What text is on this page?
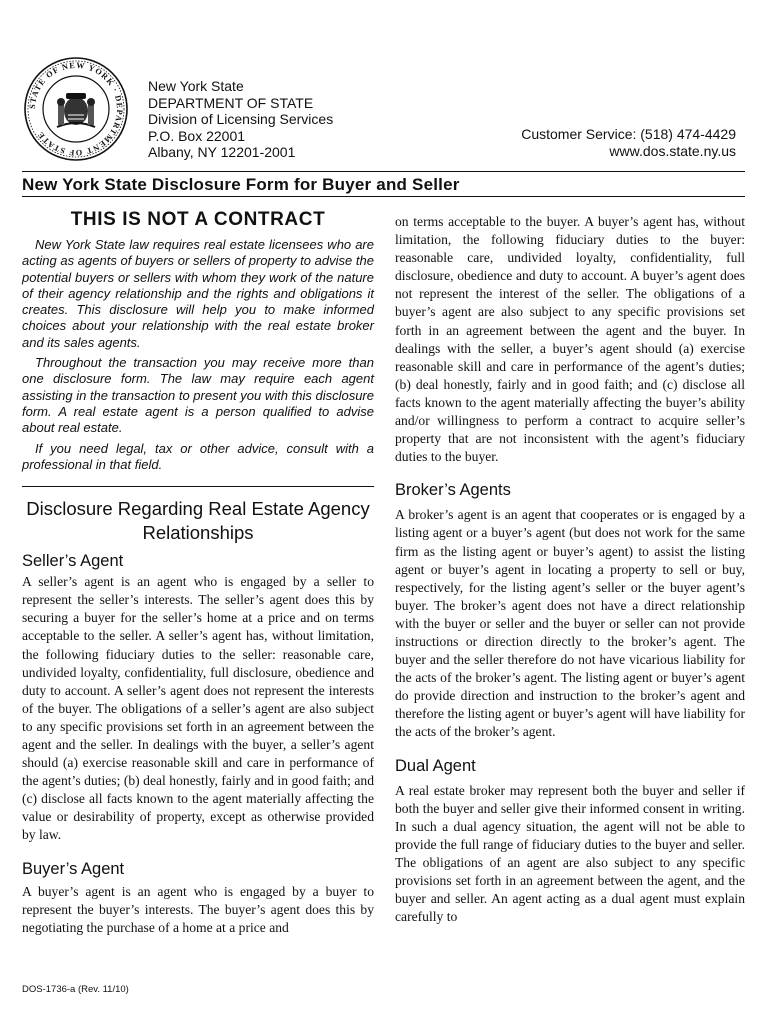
STATE OF NEW YORK · DEPARTMENT OF STATE
New York State
DEPARTMENT OF STATE
Division of Licensing Services
P.O. Box 22001
Albany, NY 12201-2001
Customer Service: (518) 474-4429
www.dos.state.ny.us
New York State Disclosure Form for Buyer and Seller
THIS IS NOT A CONTRACT

New York State law requires real estate licensees who are acting as agents of buyers or sellers of property to advise the potential buyers or sellers with whom they work of the nature of their agency relationship and the rights and obligations it creates. This disclosure will help you to make informed choices about your relationship with the real estate broker and its sales agents.

Throughout the transaction you may receive more than one disclosure form. The law may require each agent assisting in the transaction to present you with this disclosure form. A real estate agent is a person qualified to advise about real estate.

If you need legal, tax or other advice, consult with a professional in that field.

Disclosure Regarding Real Estate Agency Relationships
Seller’s Agent

A seller’s agent is an agent who is engaged by a seller to represent the seller’s interests. The seller’s agent does this by securing a buyer for the seller’s home at a price and on terms acceptable to the seller. A seller’s agent has, without limitation, the following fiduciary duties to the seller: reasonable care, undivided loyalty, confidentiality, full disclosure, obedience and duty to account. A seller’s agent does not represent the interests of the buyer. The obligations of a seller’s agent are also subject to any specific provisions set forth in an agreement between the agent and the seller. In dealings with the buyer, a seller’s agent should (a) exercise reasonable skill and care in performance of the agent’s duties; (b) deal honestly, fairly and in good faith; and (c) disclose all facts known to the agent materially affecting the value or desirability of property, except as otherwise provided by law.

Buyer’s Agent

A buyer’s agent is an agent who is engaged by a buyer to represent the buyer’s interests. The buyer’s agent does this by negotiating the purchase of a home at a price and

on terms acceptable to the buyer. A buyer’s agent has, without limitation, the following fiduciary duties to the buyer: reasonable care, undivided loyalty, confidentiality, full disclosure, obedience and duty to account. A buyer’s agent does not represent the interest of the seller. The obligations of a buyer’s agent are also subject to any specific provisions set forth in an agreement between the agent and the buyer. In dealings with the seller, a buyer’s agent should (a) exercise reasonable skill and care in performance of the agent’s duties; (b) deal honestly, fairly and in good faith; and (c) disclose all facts known to the agent materially affecting the buyer’s ability and/or willingness to perform a contract to acquire seller’s property that are not inconsistent with the agent’s fiduciary duties to the buyer.

Broker’s Agents

A broker’s agent is an agent that cooperates or is engaged by a listing agent or a buyer’s agent (but does not work for the same firm as the listing agent or buyer’s agent) to assist the listing agent or buyer’s agent in locating a property to sell or buy, respectively, for the listing agent’s seller or the buyer agent’s buyer. The broker’s agent does not have a direct relationship with the buyer or seller and the buyer or seller can not provide instructions or direction directly to the broker’s agent. The buyer and the seller therefore do not have vicarious liability for the acts of the broker’s agent. The listing agent or buyer’s agent do provide direction and instruction to the broker’s agent and therefore the listing agent or buyer’s agent will have liability for the acts of the broker’s agent.

Dual Agent

A real estate broker may represent both the buyer and seller if both the buyer and seller give their informed consent in writing. In such a dual agency situation, the agent will not be able to provide the full range of fiduciary duties to the buyer and seller. The obligations of an agent are also subject to any specific provisions set forth in an agreement between the agent, and the buyer and seller. An agent acting as a dual agent must explain carefully to

DOS-1736-a (Rev. 11/10)
